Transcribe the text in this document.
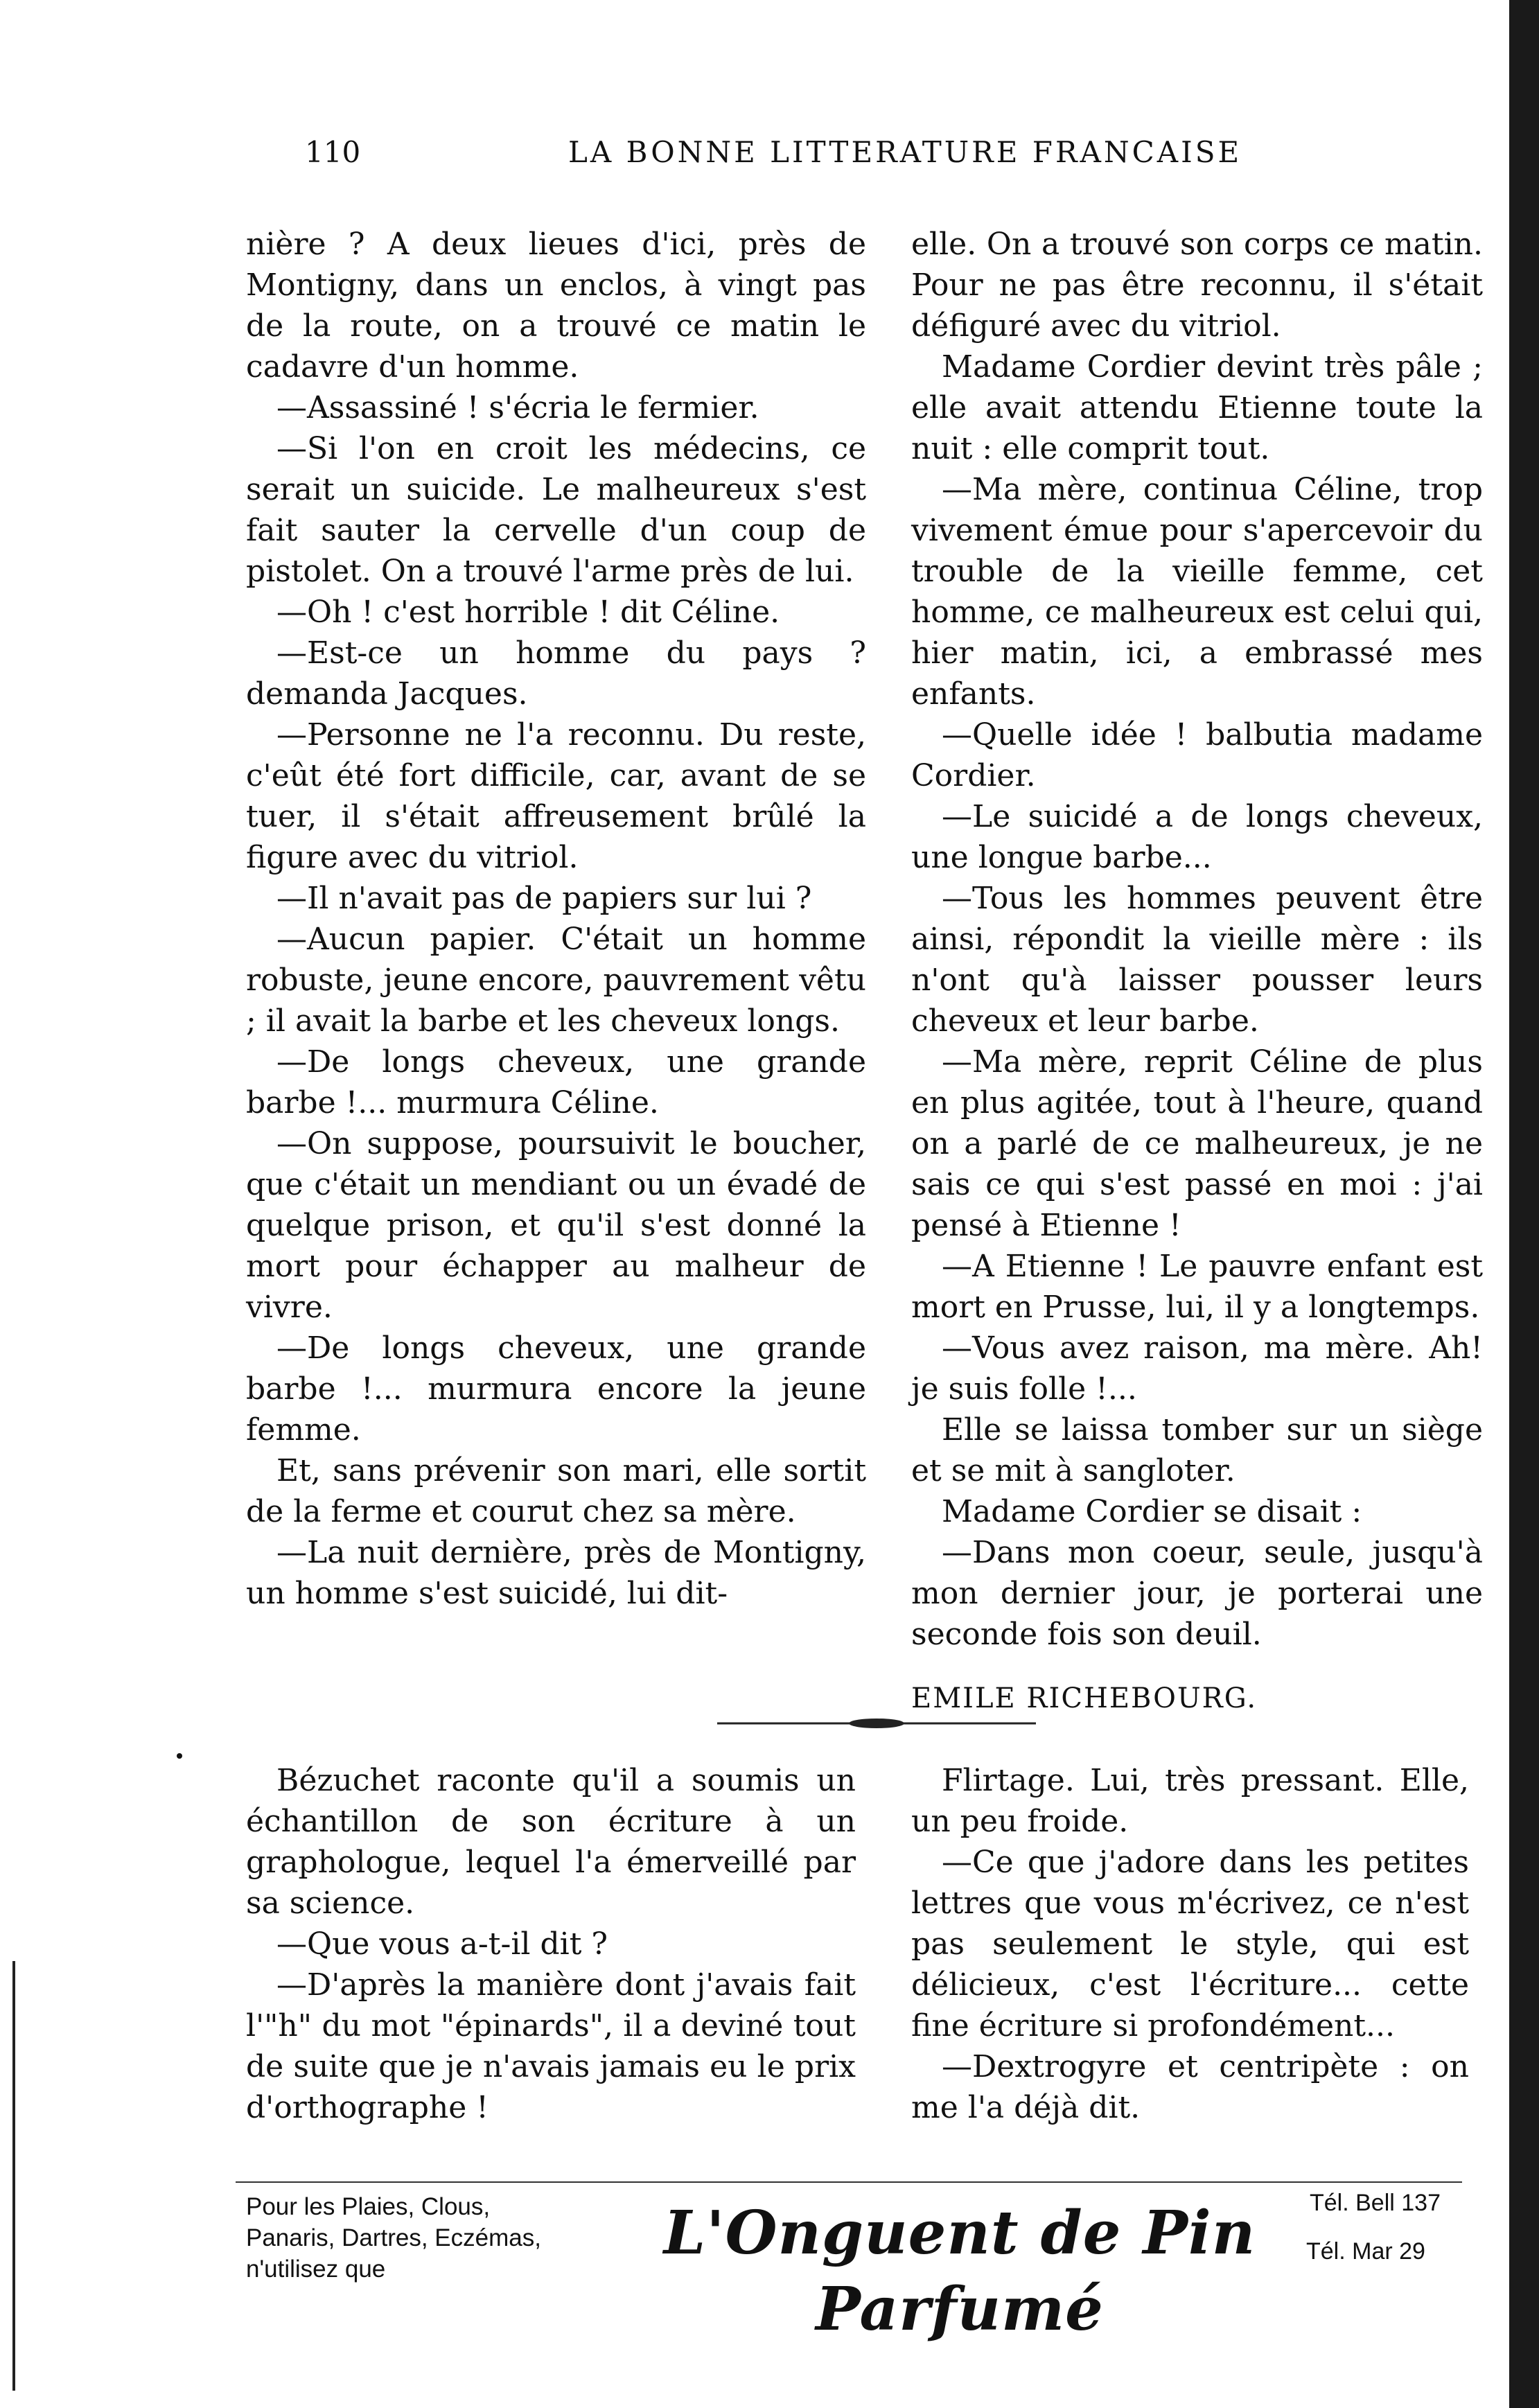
110	LA BONNE LITTERATURE FRANCAISE

nière ? A deux lieues d'ici, près de Montigny, dans un enclos, à vingt pas de la route, on a trouvé ce matin le cadavre d'un homme.

—Assassiné ! s'écria le fermier.

—Si l'on en croit les médecins, ce serait un suicide. Le malheureux s'est fait sauter la cervelle d'un coup de pistolet. On a trouvé l'arme près de lui.

—Oh ! c'est horrible ! dit Céline.

—Est-ce un homme du pays ? demanda Jacques.

—Personne ne l'a reconnu. Du reste, c'eût été fort difficile, car, avant de se tuer, il s'était affreusement brûlé la figure avec du vitriol.

—Il n'avait pas de papiers sur lui ?

—Aucun papier. C'était un homme robuste, jeune encore, pauvrement vêtu ; il avait la barbe et les cheveux longs.

—De longs cheveux, une grande barbe !... murmura Céline.

—On suppose, poursuivit le boucher, que c'était un mendiant ou un évadé de quelque prison, et qu'il s'est donné la mort pour échapper au malheur de vivre.

—De longs cheveux, une grande barbe !... murmura encore la jeune femme.

Et, sans prévenir son mari, elle sortit de la ferme et courut chez sa mère.

—La nuit dernière, près de Montigny, un homme s'est suicidé, lui dit-

elle. On a trouvé son corps ce matin. Pour ne pas être reconnu, il s'était défiguré avec du vitriol.

Madame Cordier devint très pâle ; elle avait attendu Etienne toute la nuit : elle comprit tout.

—Ma mère, continua Céline, trop vivement émue pour s'apercevoir du trouble de la vieille femme, cet homme, ce malheureux est celui qui, hier matin, ici, a embrassé mes enfants.

—Quelle idée ! balbutia madame Cordier.

—Le suicidé a de longs cheveux, une longue barbe...

—Tous les hommes peuvent être ainsi, répondit la vieille mère : ils n'ont qu'à laisser pousser leurs cheveux et leur barbe.

—Ma mère, reprit Céline de plus en plus agitée, tout à l'heure, quand on a parlé de ce malheureux, je ne sais ce qui s'est passé en moi : j'ai pensé à Etienne !

—A Etienne ! Le pauvre enfant est mort en Prusse, lui, il y a longtemps.

—Vous avez raison, ma mère. Ah! je suis folle !...

Elle se laissa tomber sur un siège et se mit à sangloter.

Madame Cordier se disait :

—Dans mon coeur, seule, jusqu'à mon dernier jour, je porterai une seconde fois son deuil.

EMILE RICHEBOURG.

Bézuchet raconte qu'il a soumis un échantillon de son écriture à un graphologue, lequel l'a émerveillé par sa science.

—Que vous a-t-il dit ?

—D'après la manière dont j'avais fait l'"h" du mot "épinards", il a deviné tout de suite que je n'avais jamais eu le prix d'orthographe !

Flirtage. Lui, très pressant. Elle, un peu froide.

—Ce que j'adore dans les petites lettres que vous m'écrivez, ce n'est pas seulement le style, qui est délicieux, c'est l'écriture... cette fine écriture si profondément...

—Dextrogyre et centripète : on me l'a déjà dit.

Pour les Plaies, Clous,
Panaris, Dartres, Eczémas,
n'utilisez que
L'Onguent de Pin Parfumé
Tél. Bell 137
Tél. Mar 29
